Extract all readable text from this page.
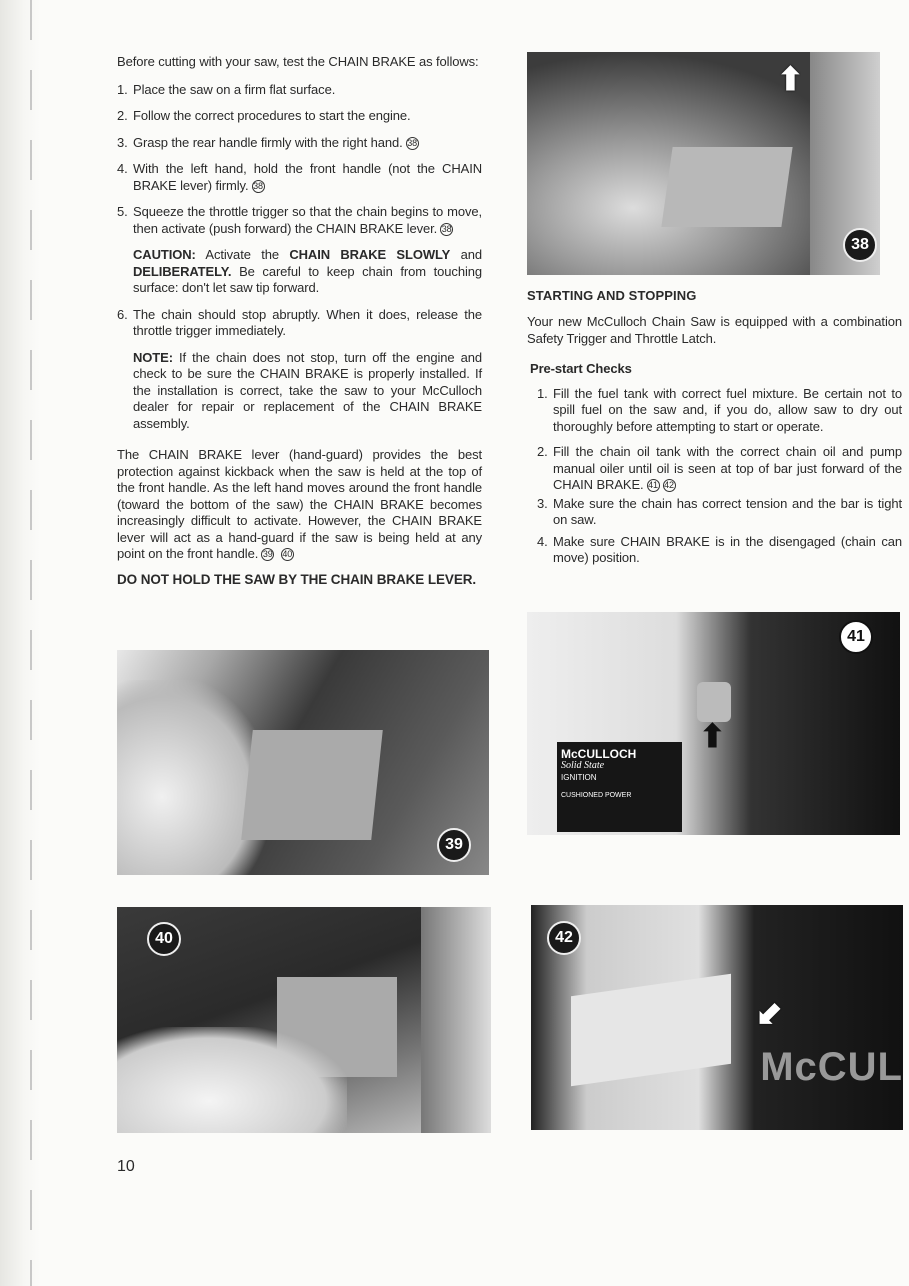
Before cutting with your saw, test the CHAIN BRAKE as follows:

1. Place the saw on a firm flat surface.
2. Follow the correct procedures to start the engine.
3. Grasp the rear handle firmly with the right hand. 38
4. With the left hand, hold the front handle (not the CHAIN BRAKE lever) firmly. 38
5. Squeeze the throttle trigger so that the chain begins to move, then activate (push forward) the CHAIN BRAKE lever. 38

CAUTION: Activate the CHAIN BRAKE SLOWLY and DELIBERATELY. Be careful to keep chain from touching surface: don't let saw tip forward.

6. The chain should stop abruptly. When it does, release the throttle trigger immediately.

NOTE: If the chain does not stop, turn off the engine and check to be sure the CHAIN BRAKE is properly installed. If the installation is correct, take the saw to your McCulloch dealer for repair or replacement of the CHAIN BRAKE assembly.

The CHAIN BRAKE lever (hand-guard) provides the best protection against kickback when the saw is held at the top of the front handle. As the left hand moves around the front handle (toward the bottom of the saw) the CHAIN BRAKE becomes increasingly difficult to activate. However, the CHAIN BRAKE lever will act as a hand-guard if the saw is being held at any point on the front handle. 39 40

DO NOT HOLD THE SAW BY THE CHAIN BRAKE LEVER.

STARTING AND STOPPING

Your new McCulloch Chain Saw is equipped with a combination Safety Trigger and Throttle Latch.

Pre-start Checks

1. Fill the fuel tank with correct fuel mixture. Be certain not to spill fuel on the saw and, if you do, allow saw to dry out thoroughly before attempting to start or operate.
2. Fill the chain oil tank with the correct chain oil and pump manual oiler until oil is seen at top of bar just forward of the CHAIN BRAKE. 41 42
3. Make sure the chain has correct tension and the bar is tight on saw.
4. Make sure CHAIN BRAKE is in the disengaged (chain can move) position.
⬆
38
39
40
McCULLOCH
Solid State
IGNITION
CUSHIONED POWER
⬆
41
McCUL
⬆
42
10
